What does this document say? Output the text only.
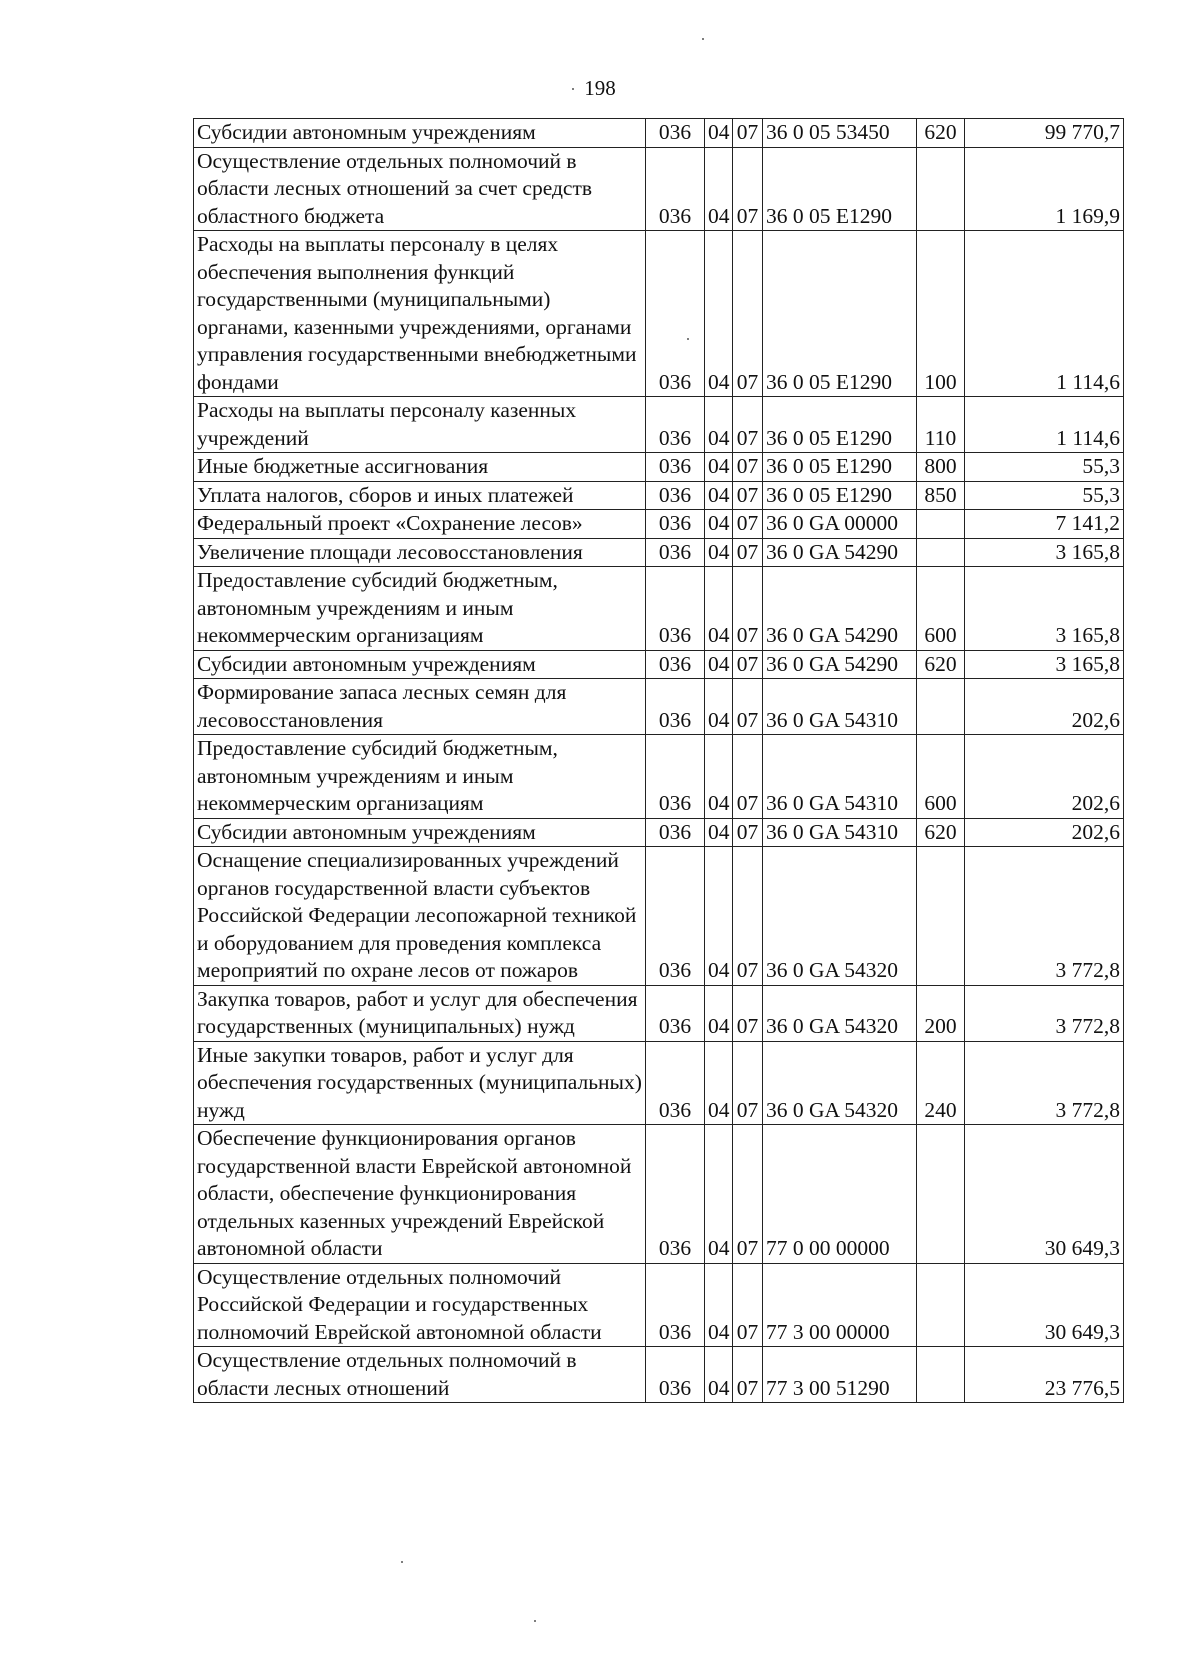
198
Субсидии автономным учреждениям	036	04	07	36 0 05 53450	620	99 770,7
Осуществление отдельных полномочий в области лесных отношений за счет средств областного бюджета	036	04	07	36 0 05 Е1290		1 169,9
Расходы на выплаты персоналу в целях обеспечения выполнения функций государственными (муниципальными) органами, казенными учреждениями, органами управления государственными внебюджетными фондами	036	04	07	36 0 05 Е1290	100	1 114,6
Расходы на выплаты персоналу казенных учреждений	036	04	07	36 0 05 Е1290	110	1 114,6
Иные бюджетные ассигнования	036	04	07	36 0 05 Е1290	800	55,3
Уплата налогов, сборов и иных платежей	036	04	07	36 0 05 Е1290	850	55,3
Федеральный проект «Сохранение лесов»	036	04	07	36 0 GA 00000		7 141,2
Увеличение площади лесовосстановления	036	04	07	36 0 GA 54290		3 165,8
Предоставление субсидий бюджетным, автономным учреждениям и иным некоммерческим организациям	036	04	07	36 0 GA 54290	600	3 165,8
Субсидии автономным учреждениям	036	04	07	36 0 GA 54290	620	3 165,8
Формирование запаса лесных семян для лесовосстановления	036	04	07	36 0 GA 54310		202,6
Предоставление субсидий бюджетным, автономным учреждениям и иным некоммерческим организациям	036	04	07	36 0 GA 54310	600	202,6
Субсидии автономным учреждениям	036	04	07	36 0 GA 54310	620	202,6
Оснащение специализированных учреждений органов государственной власти субъектов Российской Федерации лесопожарной техникой и оборудованием для проведения комплекса мероприятий по охране лесов от пожаров	036	04	07	36 0 GA 54320		3 772,8
Закупка товаров, работ и услуг для обеспечения государственных (муниципальных) нужд	036	04	07	36 0 GA 54320	200	3 772,8
Иные закупки товаров, работ и услуг для обеспечения государственных (муниципальных) нужд	036	04	07	36 0 GA 54320	240	3 772,8
Обеспечение функционирования органов государственной власти Еврейской автономной области, обеспечение функционирования отдельных казенных учреждений Еврейской автономной области	036	04	07	77 0 00 00000		30 649,3
Осуществление отдельных полномочий Российской Федерации и государственных полномочий Еврейской автономной области	036	04	07	77 3 00 00000		30 649,3
Осуществление отдельных полномочий в области лесных отношений	036	04	07	77 3 00 51290		23 776,5
